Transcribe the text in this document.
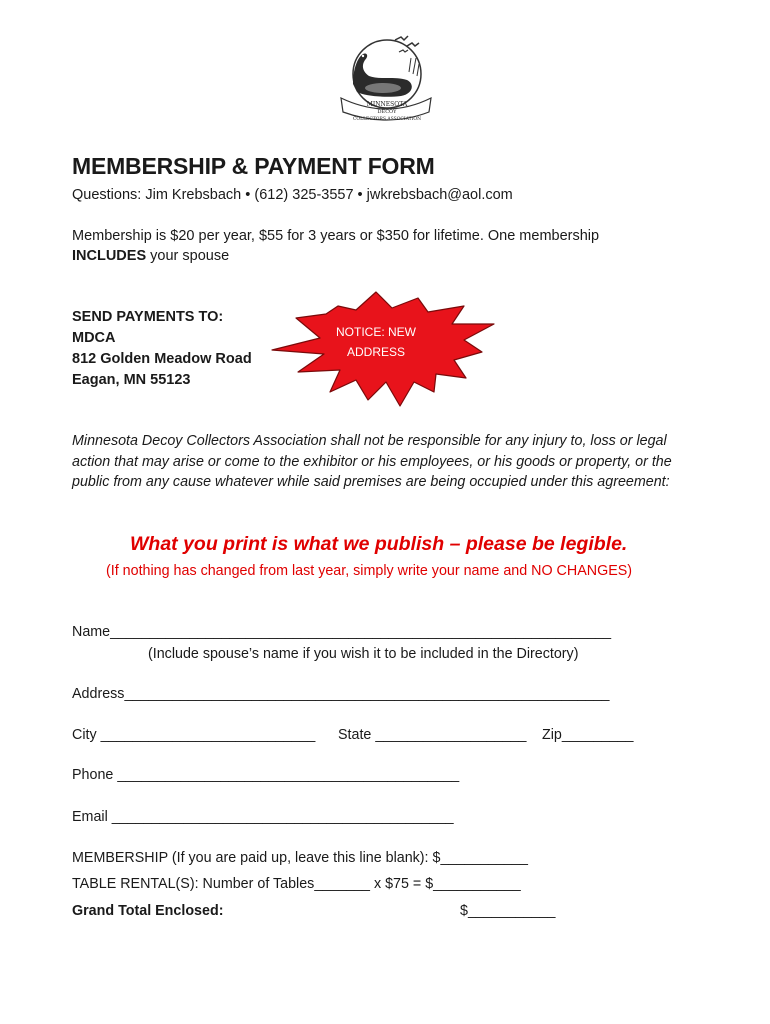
MINNESOTA
DECOY
COLLECTORS ASSOCIATION
MEMBERSHIP & PAYMENT FORM
Questions: Jim Krebsbach • (612) 325-3557 • jwkrebsbach@aol.com
Membership is $20 per year, $55 for 3 years or $350 for lifetime. One membership
INCLUDES your spouse
SEND PAYMENTS TO:
MDCA
812 Golden Meadow Road
Eagan, MN 55123
NOTICE: NEW
ADDRESS
Minnesota Decoy Collectors Association shall not be responsible for any injury to, loss or legal action that may arise or come to the exhibitor or his employees, or his goods or property, or the public from any cause whatever while said premises are being occupied under this agreement:
What you print is what we publish – please be legible.
(If nothing has changed from last year, simply write your name and NO CHANGES)
Name_______________________________________________________________
(Include spouse’s name if you wish it to be included in the Directory)
Address_____________________________________________________________
City ___________________________ State ___________________ Zip_________
Phone ___________________________________________
Email ___________________________________________
MEMBERSHIP (If you are paid up, leave this line blank): $___________
TABLE RENTAL(S): Number of Tables_______ x $75 = $___________
Grand Total Enclosed:	$___________
